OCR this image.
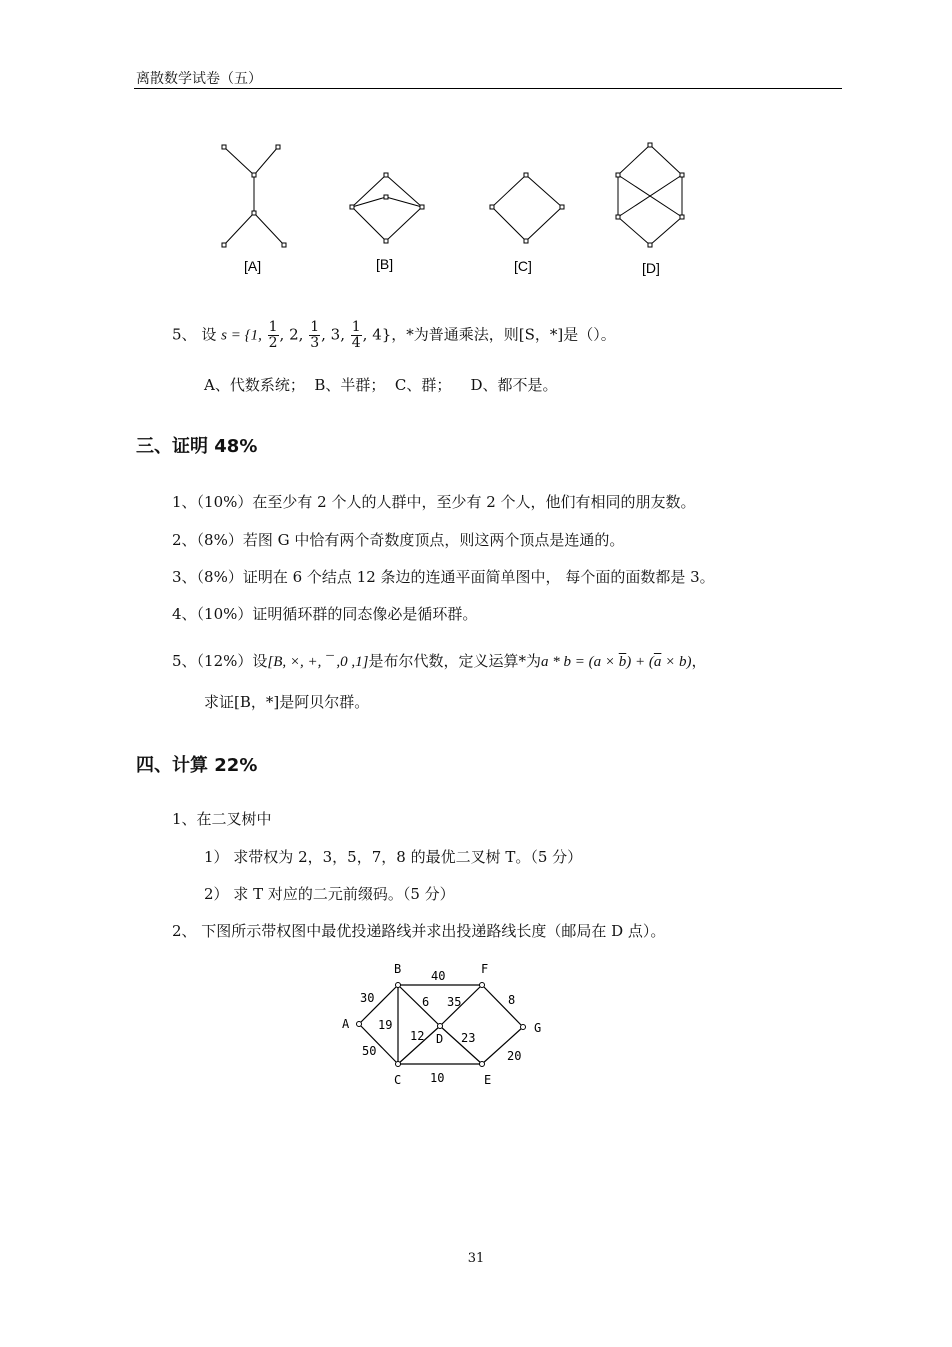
离散数学试卷（五）
[A]	[B]	[C]	[D]
5、 设 s = {1, $\frac{1}{2}$ , 2, $\frac{1}{3}$ , 3, $\frac{1}{4}$ , 4}，*为普通乘法，则[S，*]是（）。
A、代数系统；  B、半群；  C、群；    D、都不是。
三、证明 48%
1、（10%）在至少有 2 个人的人群中，至少有 2 个人，他们有相同的朋友数。
2、（8%）若图 G 中恰有两个奇数度顶点，则这两个顶点是连通的。
3、（8%）证明在 6 个结点 12 条边的连通平面简单图中， 每个面的面数都是 3。
4、（10%）证明循环群的同态像必是循环群。
5、（12%）设[B, ×, +, ¯ ,0 ,1]是布尔代数，定义运算*为$a * b = (a \times \overline{b}) + (\overline{a} \times b)$，
求证[B，*]是阿贝尔群。
四、计算 22%
1、在二叉树中
1） 求带权为 2，3，5，7，8 的最优二叉树 T。（5 分）
2） 求 T 对应的二元前缀码。（5 分）
2、 下图所示带权图中最优投递路线并求出投递路线长度（邮局在 D 点）。
A
B
C
D
E
F
G
30
40
6 35	8
19
12	23
50
10
20
31
